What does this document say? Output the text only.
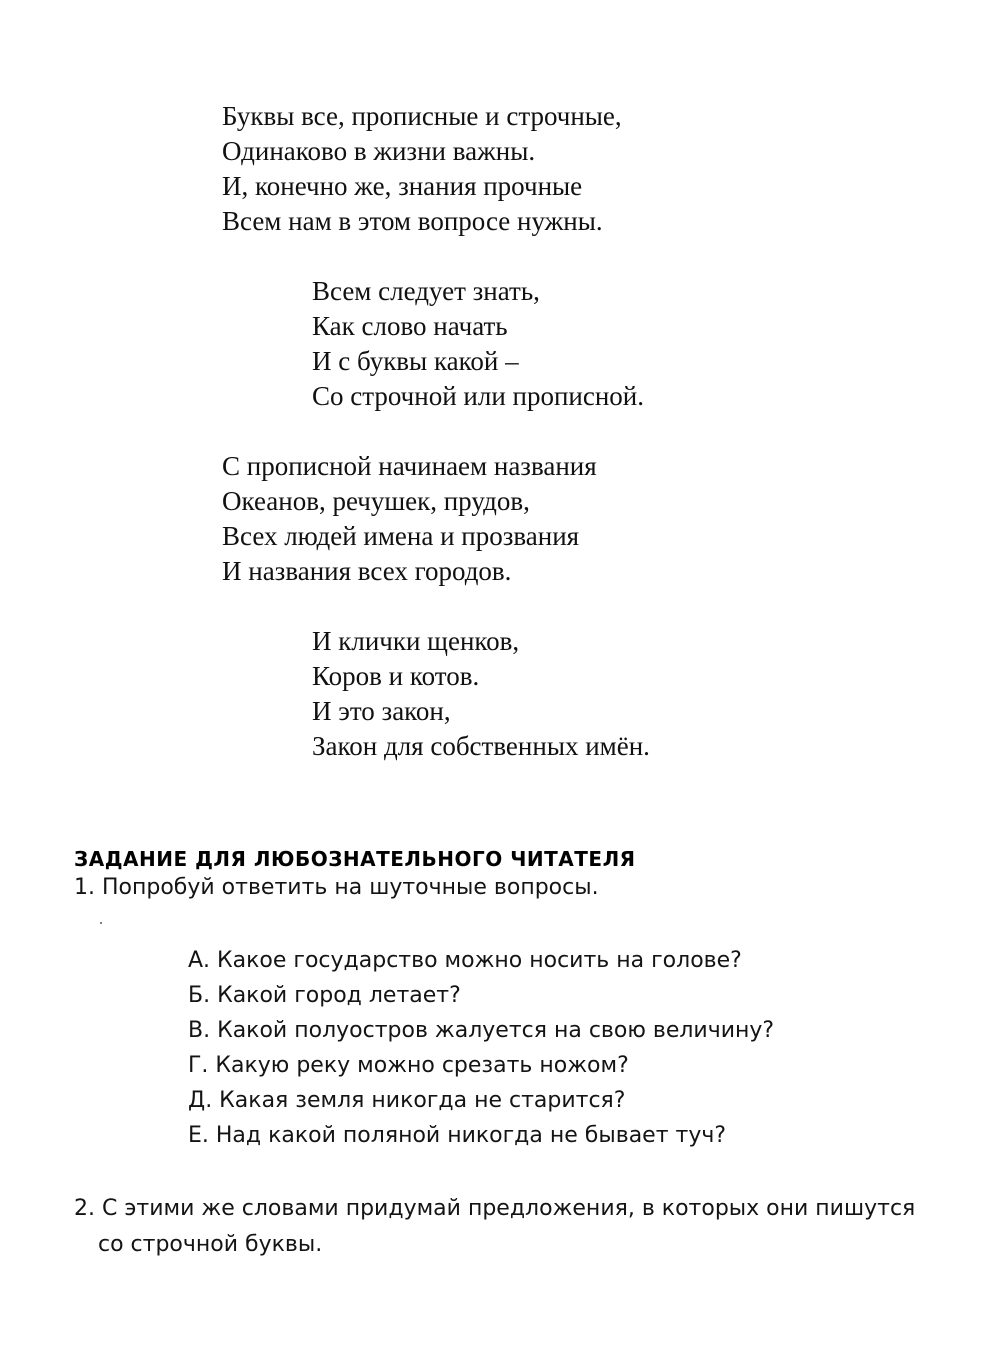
Буквы все, прописные и строчные,
Одинаково в жизни важны.
И, конечно же, знания прочные
Всем нам в этом вопросе нужны.

Всем следует знать,
Как слово начать
И с буквы какой –
Со строчной или прописной.

С прописной начинаем названия
Океанов, речушек, прудов,
Всех людей имена и прозвания
И названия всех городов.

И клички щенков,
Коров и котов.
И это закон,
Закон для собственных имён.

ЗАДАНИЕ ДЛЯ ЛЮБОЗНАТЕЛЬНОГО ЧИТАТЕЛЯ
1. Попробуй ответить на шуточные вопросы.
А. Какое государство можно носить на голове?
Б. Какой город летает?
В. Какой полуостров жалуется на свою величину?
Г. Какую реку можно срезать ножом?
Д. Какая земля никогда не старится?
Е. Над какой поляной никогда не бывает туч?
2. С этими же словами придумай предложения, в которых они пишутся
со строчной буквы.
